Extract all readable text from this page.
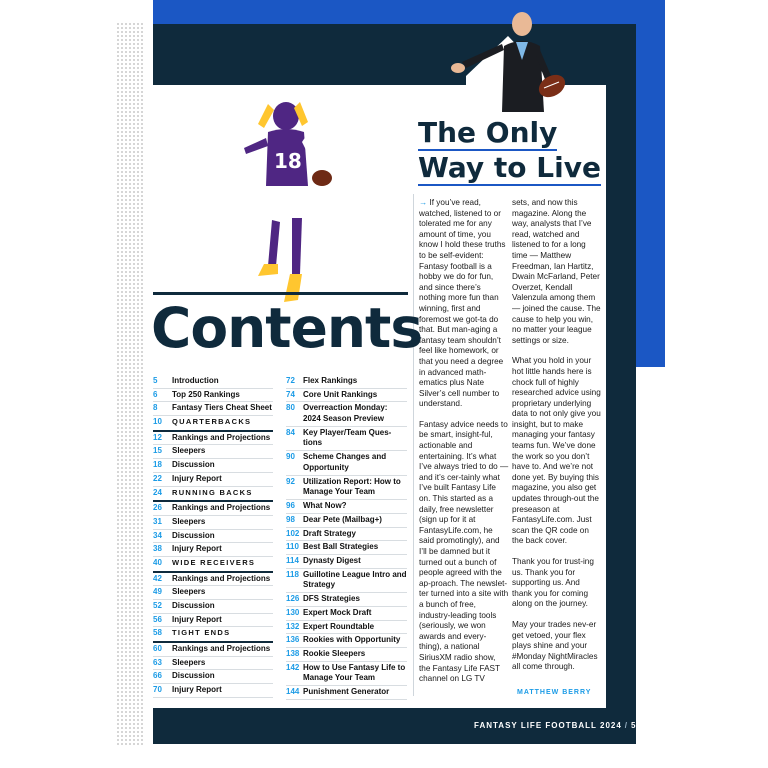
18
The Only Way to Live

→ If you’ve read, watched, listened to or tolerated me for any amount of time, you know I hold these truths to be self-evident: Fantasy football is a hobby we do for fun, and since there’s nothing more fun than winning, first and foremost we got-ta do that. But man-aging a fantasy team shouldn’t feel like homework, or that you need a degree in advanced math-ematics plus Nate Silver’s cell number to understand.

Fantasy advice needs to be smart, insight-ful, actionable and entertaining. It’s what I’ve always tried to do — and it’s cer-tainly what I’ve built Fantasy Life on. This started as a daily, free newsletter (sign up for it at FantasyLife.com, he said promotingly), and I’ll be damned but it turned out a bunch of people agreed with the ap-proach. The newslet-ter turned into a site with a bunch of free, industry-leading tools (seriously, we won awards and every-thing), a national SiriusXM radio show, the Fantasy Life FAST channel on LG TV

sets, and now this magazine. Along the way, analysts that I’ve read, watched and listened to for a long time — Matthew Freedman, Ian Hartitz, Dwain McFarland, Peter Overzet, Kendall Valenzula among them — joined the cause. The cause to help you win, no matter your league settings or size.

What you hold in your hot little hands here is chock full of highly researched advice using proprietary underlying data to not only give you insight, but to make managing your fantasy teams fun. We’ve done the work so you don’t have to. And we’re not done yet. By buying this magazine, you also get updates through-out the preseason at FantasyLife.com. Just scan the QR code on the back cover.

Thank you for trust-ing us. Thank you for supporting us. And thank you for coming along on the journey.

May your trades nev-er get vetoed, your flex plays shine and your #Monday NightMiracles all come through.

MATTHEW BERRY
Contents
5	Introduction
6	Top 250 Rankings
8	Fantasy Tiers Cheat Sheet
10	QUARTERBACKS
12	Rankings and Projections
15	Sleepers
18	Discussion
22	Injury Report
24	RUNNING BACKS
26	Rankings and Projections
31	Sleepers
34	Discussion
38	Injury Report
40	WIDE RECEIVERS
42	Rankings and Projections
49	Sleepers
52	Discussion
56	Injury Report
58	TIGHT ENDS
60	Rankings and Projections
63	Sleepers
66	Discussion
70	Injury Report
72	Flex Rankings
74	Core Unit Rankings
80	Overreaction Monday: 2024 Season Preview
84	Key Player/Team Ques-tions
90	Scheme Changes and Opportunity
92	Utilization Report: How to Manage Your Team
96	What Now?
98	Dear Pete (Mailbag+)
102 Draft Strategy
110 Best Ball Strategies
114 Dynasty Digest
118 Guillotine League Intro and Strategy
126 DFS Strategies
130 Expert Mock Draft
132 Expert Roundtable
136 Rookies with Opportunity
138 Rookie Sleepers
142 How to Use Fantasy Life to Manage Your Team
144 Punishment Generator
FANTASY LIFE FOOTBALL 2024 / 5
